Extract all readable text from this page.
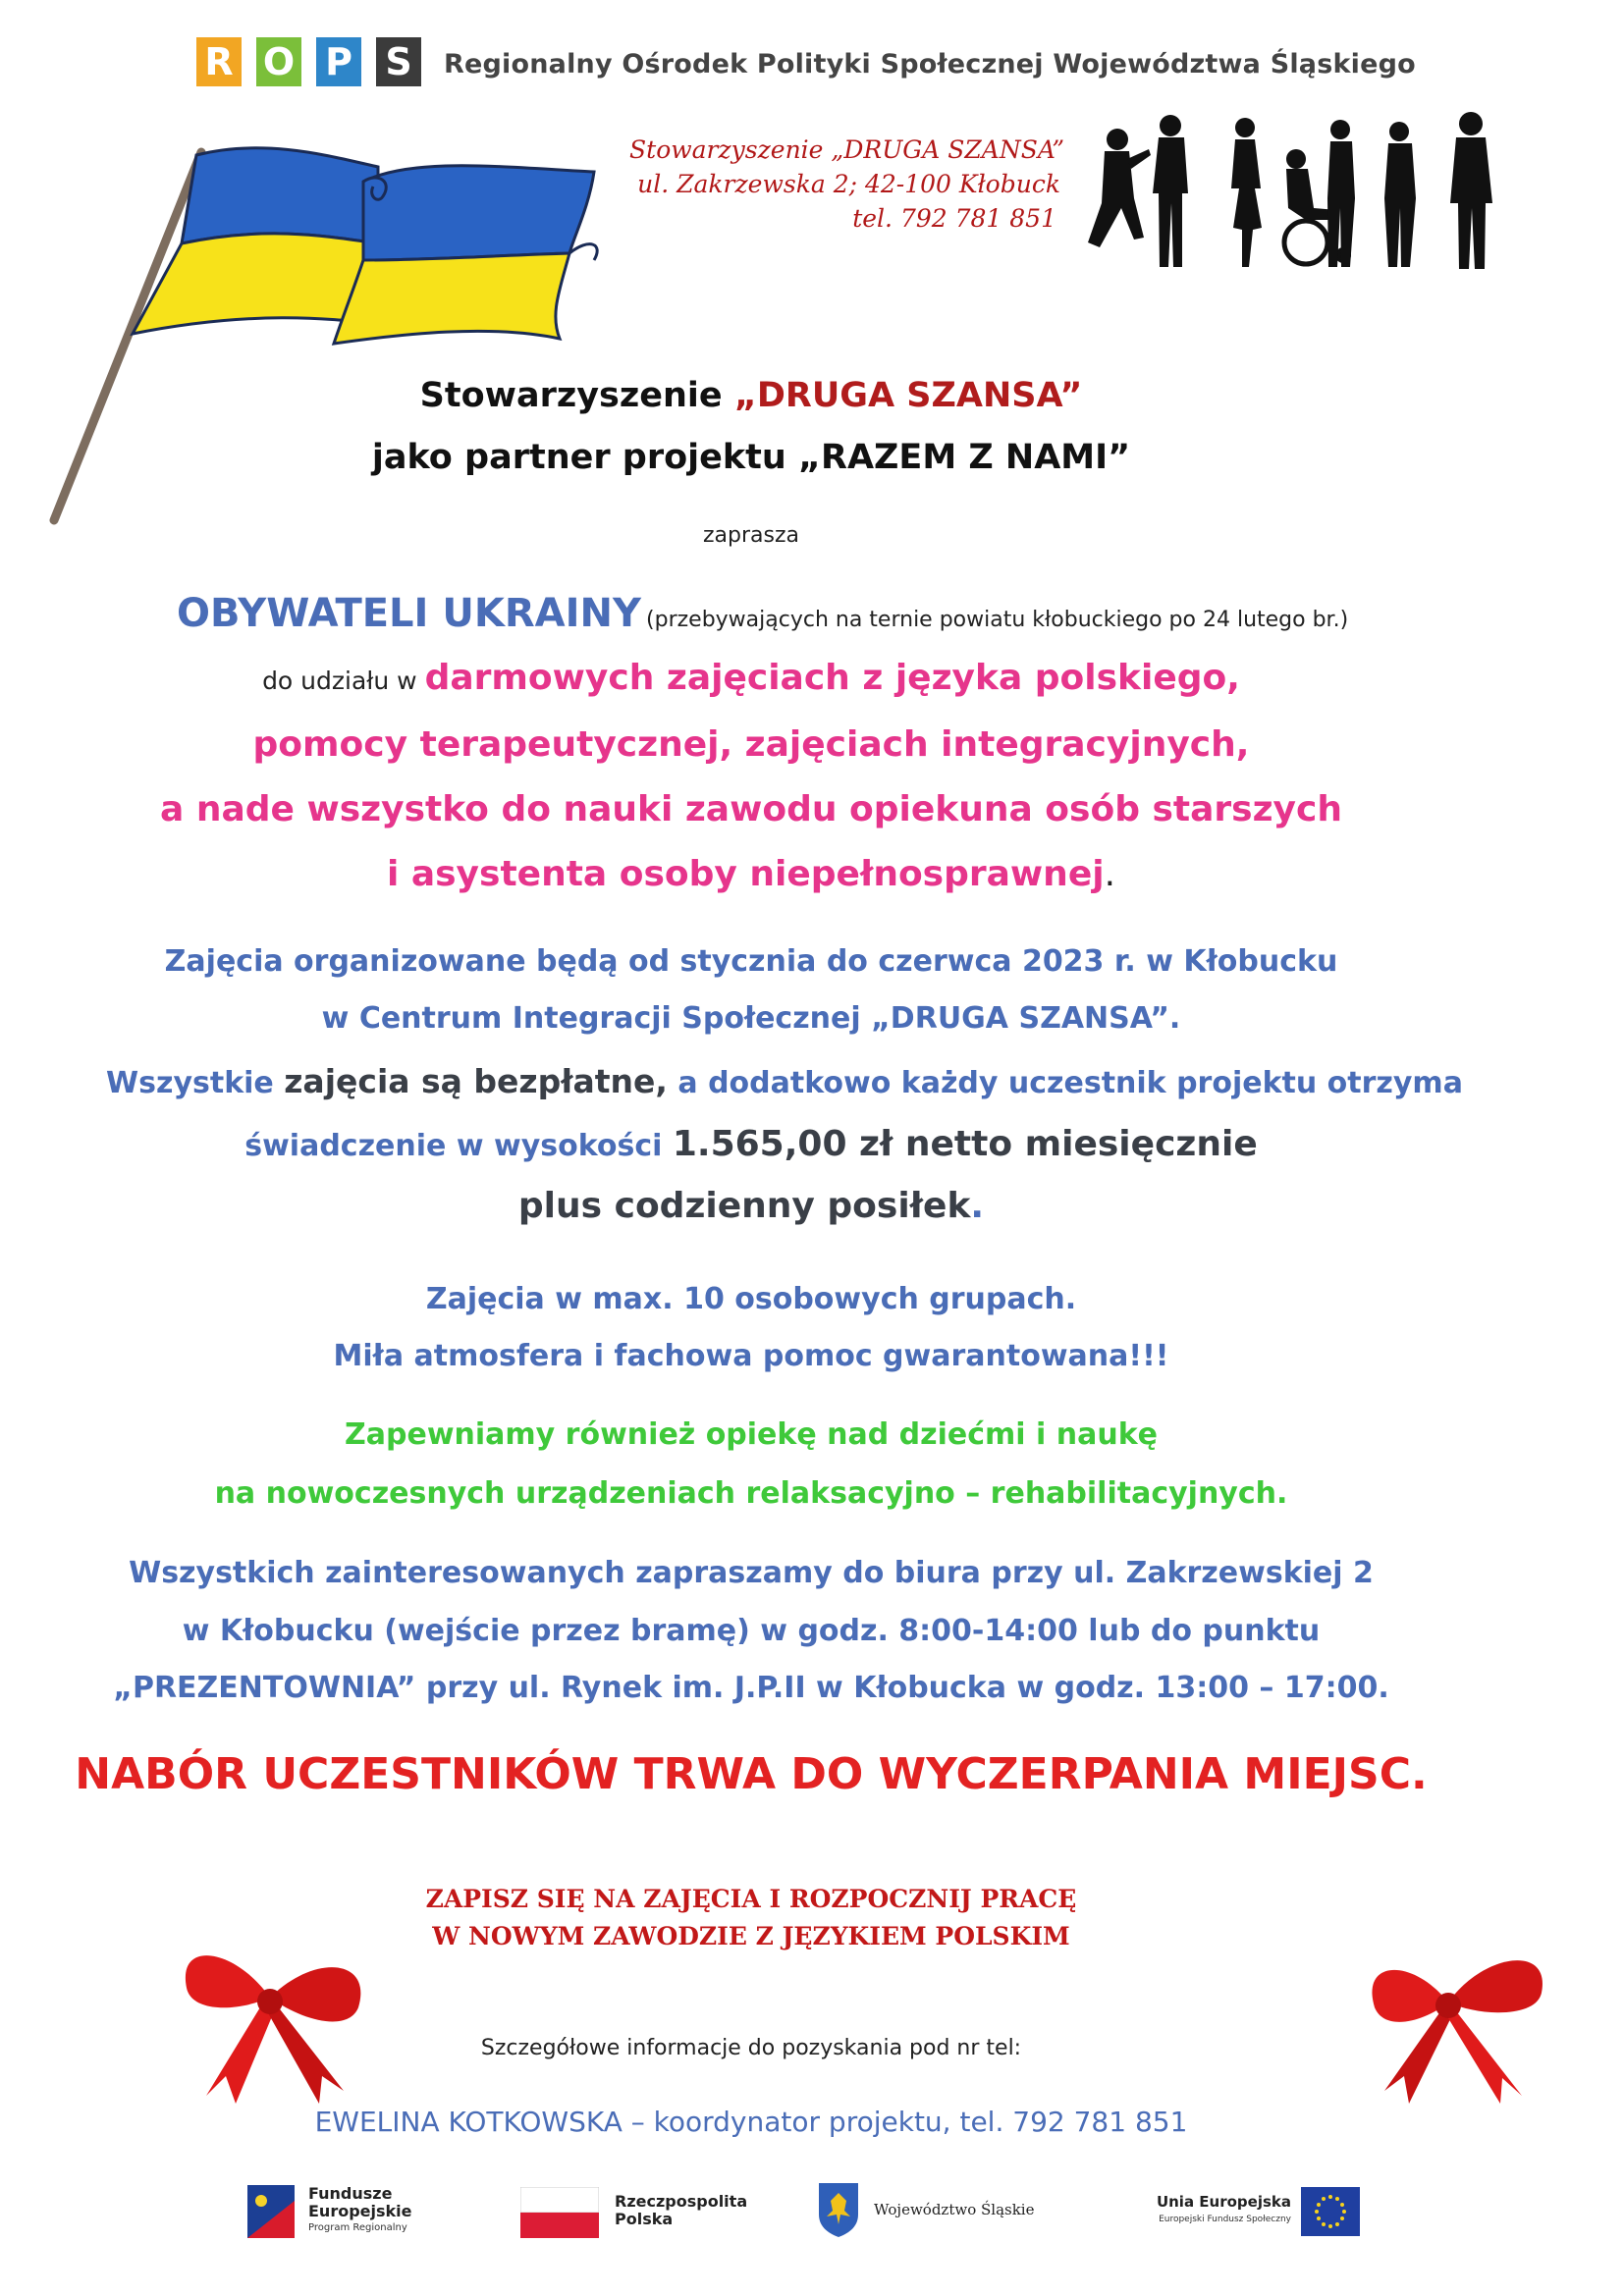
R O P S	Regionalny Ośrodek Polityki Społecznej Województwa Śląskiego
Stowarzyszenie „DRUGA SZANSA”
ul. Zakrzewska 2; 42-100 Kłobuck
tel. 792 781 851
Stowarzyszenie „DRUGA SZANSA”
jako partner projektu „RAZEM Z NAMI”
zaprasza
OBYWATELI UKRAINY (przebywających na ternie powiatu kłobuckiego po 24 lutego br.)
do udziału w darmowych zajęciach z języka polskiego,
pomocy terapeutycznej, zajęciach integracyjnych,
a nade wszystko do nauki zawodu opiekuna osób starszych
i asystenta osoby niepełnosprawnej.
Zajęcia organizowane będą od stycznia do czerwca 2023 r. w Kłobucku
w Centrum Integracji Społecznej „DRUGA SZANSA”.
Wszystkie zajęcia są bezpłatne, a dodatkowo każdy uczestnik projektu otrzyma
świadczenie w wysokości 1.565,00 zł netto miesięcznie
plus codzienny posiłek.
Zajęcia w max. 10 osobowych grupach.
Miła atmosfera i fachowa pomoc gwarantowana!!!
Zapewniamy również opiekę nad dziećmi i naukę
na nowoczesnych urządzeniach relaksacyjno – rehabilitacyjnych.
Wszystkich zainteresowanych zapraszamy do biura przy ul. Zakrzewskiej 2
w Kłobucku (wejście przez bramę) w godz. 8:00-14:00 lub do punktu
„PREZENTOWNIA” przy ul. Rynek im. J.P.II w Kłobucka w godz. 13:00 – 17:00.
NABÓR UCZESTNIKÓW TRWA DO WYCZERPANIA MIEJSC.
ZAPISZ SIĘ NA ZAJĘCIA I ROZPOCZNIJ PRACĘ
W NOWYM ZAWODZIE Z JĘZYKIEM POLSKIM
Szczegółowe informacje do pozyskania pod nr tel:
EWELINA KOTKOWSKA – koordynator projektu, tel. 792 781 851
Fundusze
Europejskie
Program Regionalny
Rzeczpospolita
Polska	Województwo Śląskie	Unia Europejska
Europejski Fundusz Społeczny
